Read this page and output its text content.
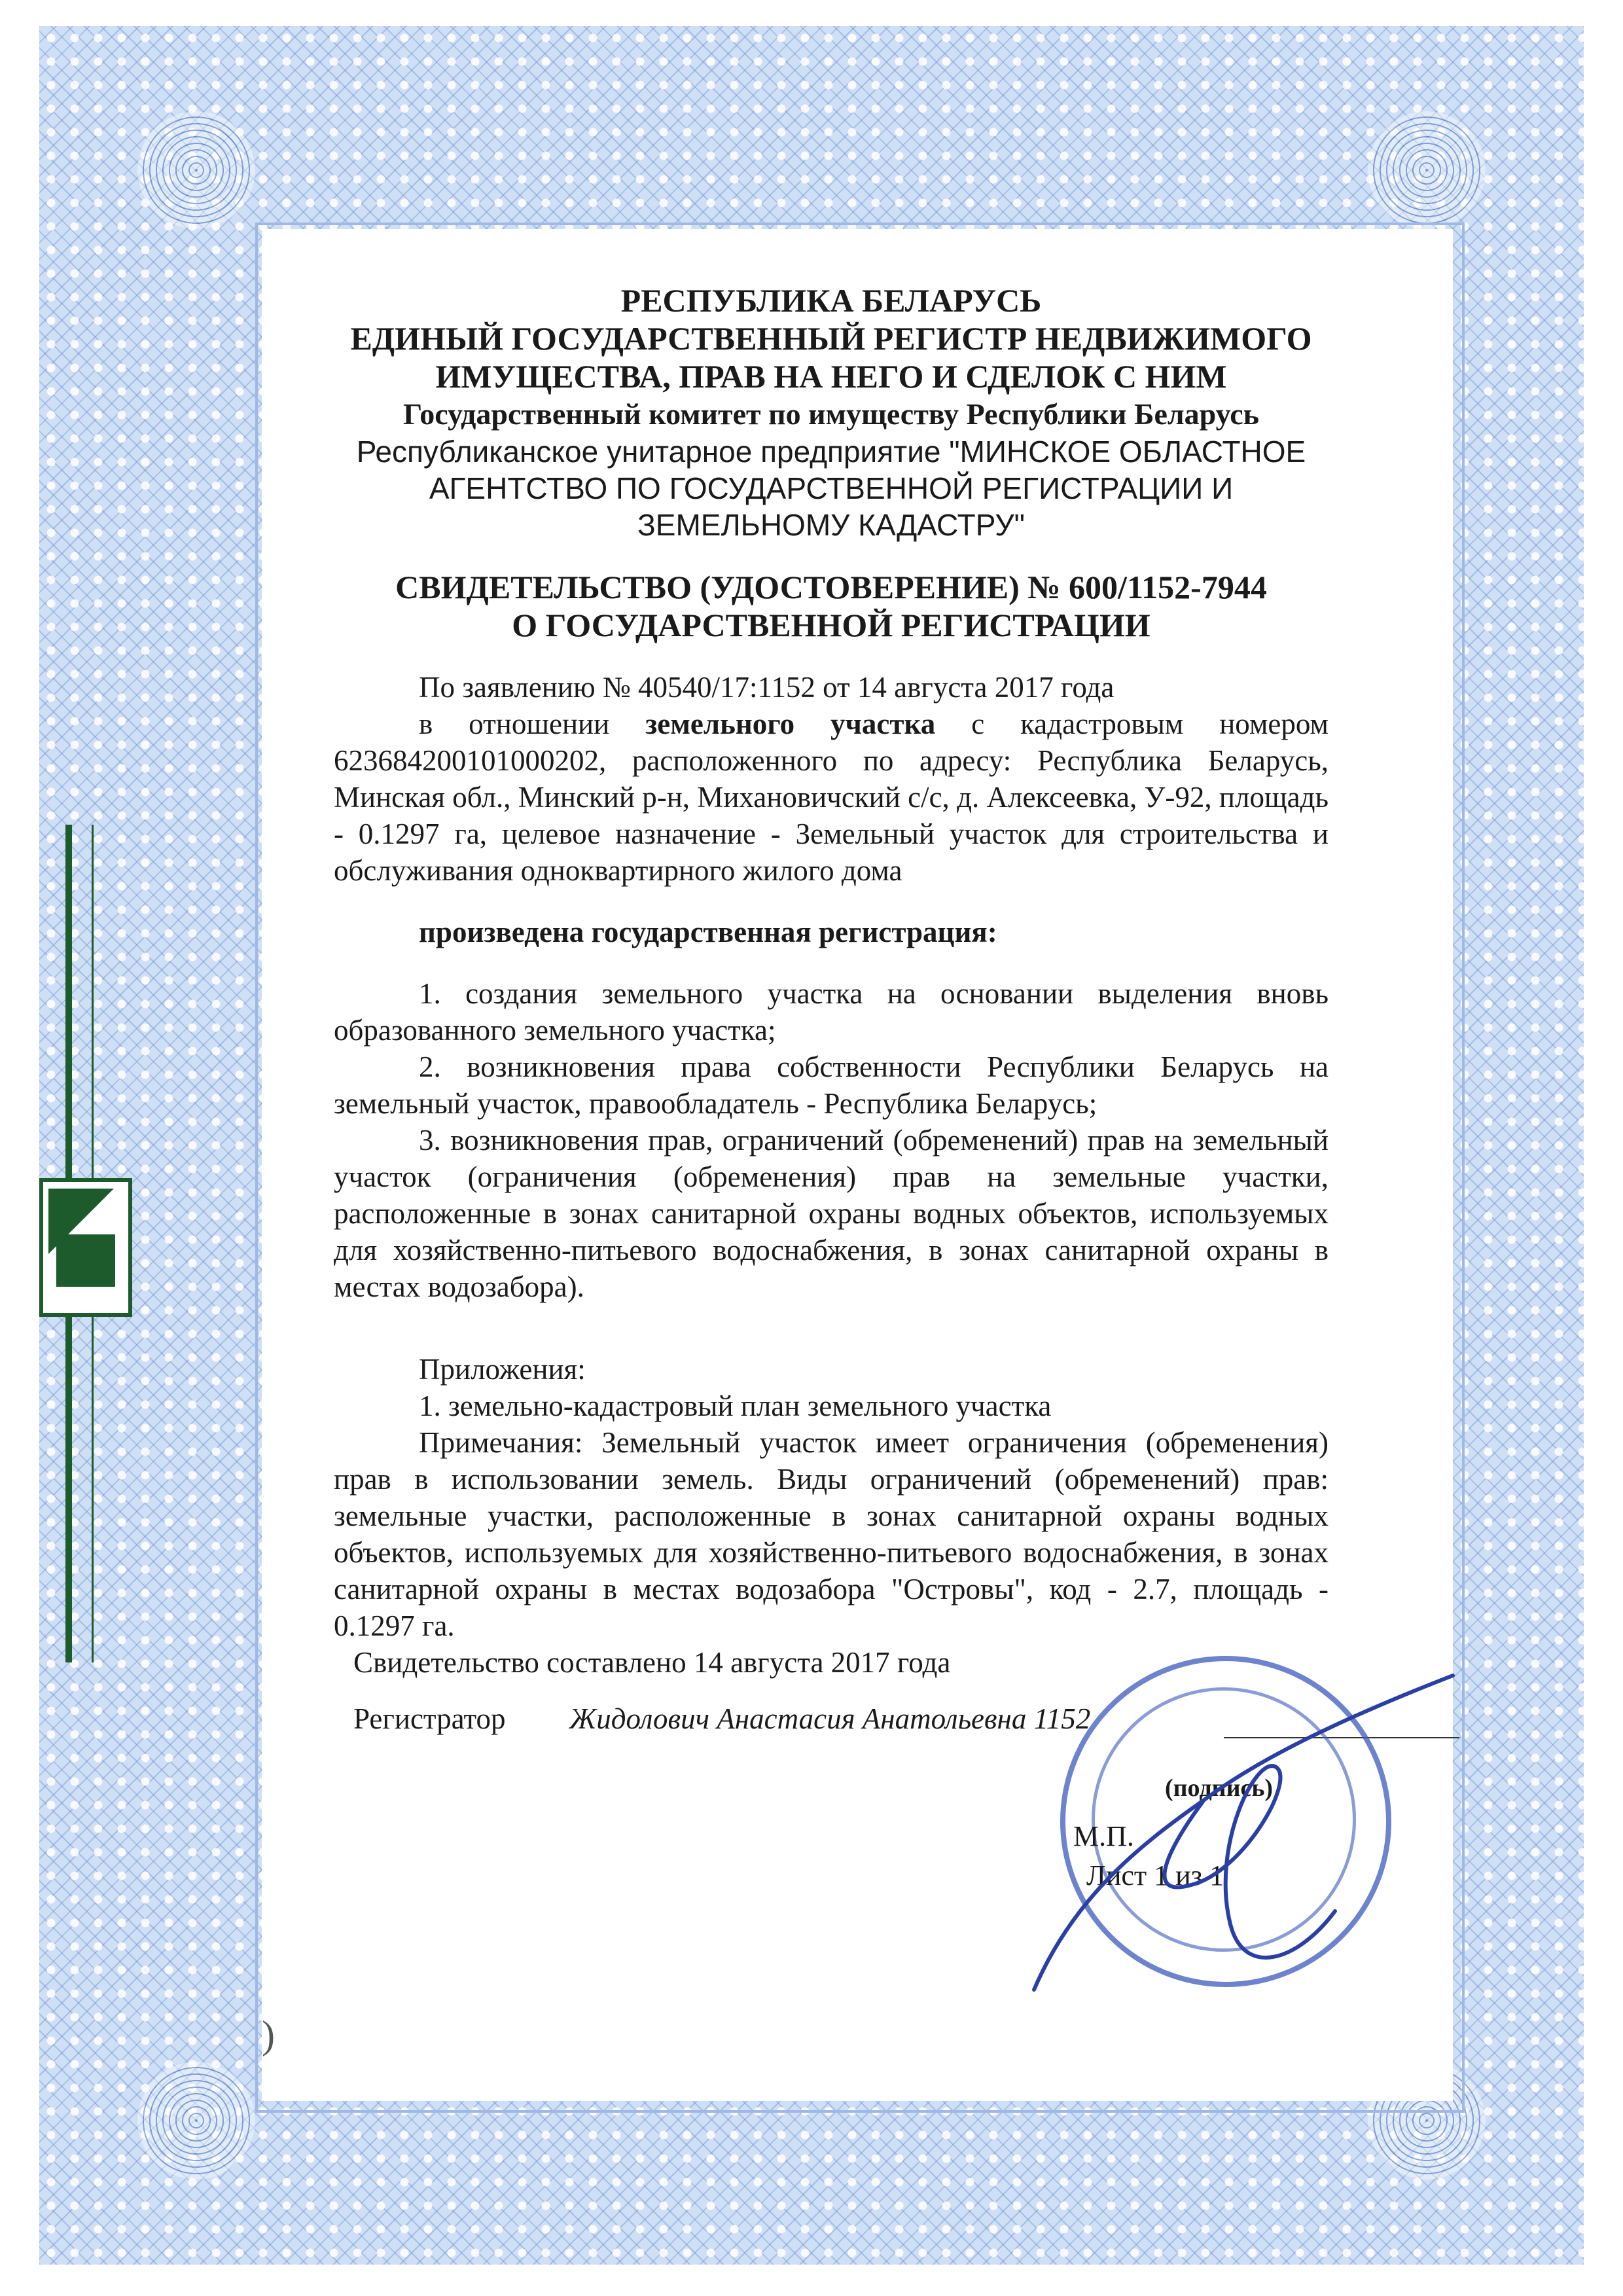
РЕСПУБЛИКА БЕЛАРУСЬ
ЕДИНЫЙ ГОСУДАРСТВЕННЫЙ РЕГИСТР НЕДВИЖИМОГО
ИМУЩЕСТВА, ПРАВ НА НЕГО И СДЕЛОК С НИМ
Государственный комитет по имуществу Республики Беларусь
Республиканское унитарное предприятие "МИНСКОЕ ОБЛАСТНОЕ
АГЕНТСТВО ПО ГОСУДАРСТВЕННОЙ РЕГИСТРАЦИИ И
ЗЕМЕЛЬНОМУ КАДАСТРУ"
СВИДЕТЕЛЬСТВО (УДОСТОВЕРЕНИЕ) № 600/1152-7944
О ГОСУДАРСТВЕННОЙ РЕГИСТРАЦИИ

По заявлению № 40540/17:1152 от 14 августа 2017 года

в отношении земельного участка с кадастровым номером 623684200101000202, расположенного по адресу: Республика Беларусь, Минская обл., Минский р-н, Михановичский с/с, д. Алексеевка, У-92, площадь - 0.1297 га, целевое назначение - Земельный участок для строительства и обслуживания одноквартирного жилого дома

произведена государственная регистрация:

1. создания земельного участка на основании выделения вновь образованного земельного участка;

2. возникновения права собственности Республики Беларусь на земельный участок, правообладатель - Республика Беларусь;

3. возникновения прав, ограничений (обременений) прав на земельный участок (ограничения (обременения) прав на земельные участки, расположенные в зонах санитарной охраны водных объектов, используемых для хозяйственно-питьевого водоснабжения, в зонах санитарной охраны в местах водозабора).

Приложения:

1. земельно-кадастровый план земельного участка

Примечания: Земельный участок имеет ограничения (обременения) прав в использовании земель. Виды ограничений (обременений) прав: земельные участки, расположенные в зонах санитарной охраны водных объектов, используемых для хозяйственно-питьевого водоснабжения, в зонах санитарной охраны в местах водозабора "Островы", код - 2.7, площадь - 0.1297 га.

Свидетельство составлено 14 августа 2017 года

Регистратор Жидолович Анастасия Анатольевна 1152
(подпись)
М.П.
Лист 1 из 1
)
